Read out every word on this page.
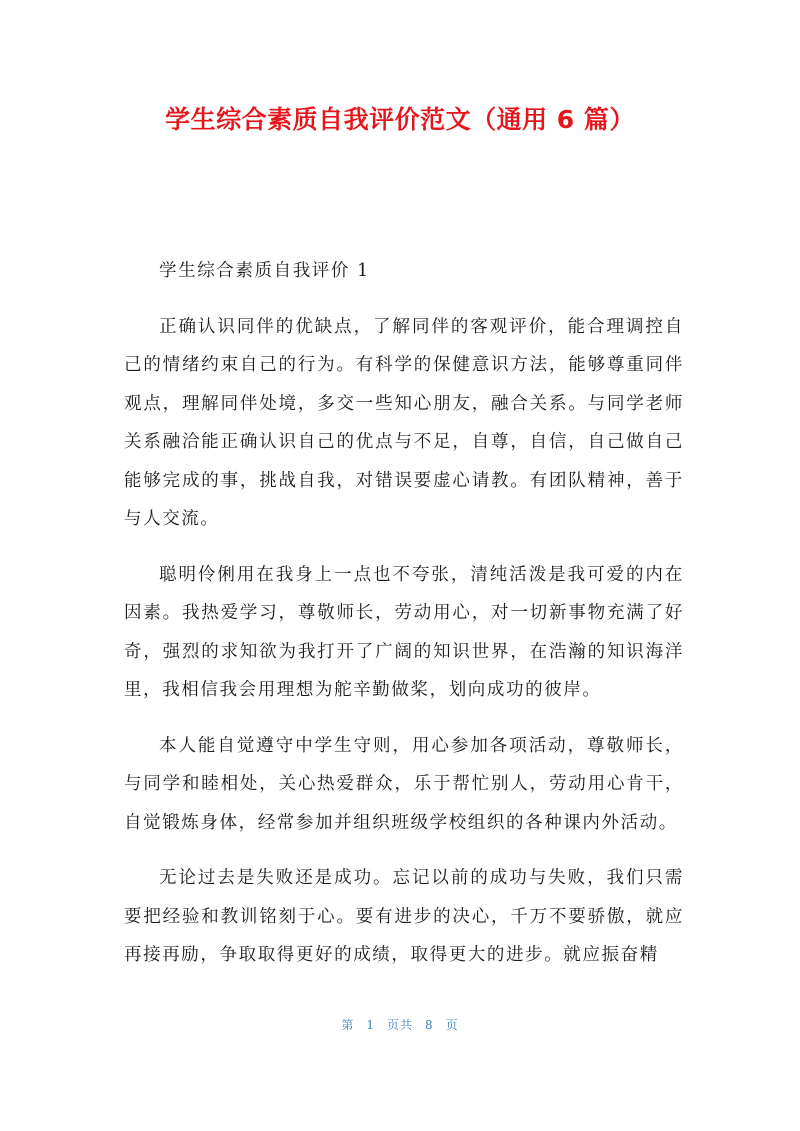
学生综合素质自我评价范文（通用 6 篇）

学生综合素质自我评价 1

正确认识同伴的优缺点，了解同伴的客观评价，能合理调控自己的情绪约束自己的行为。有科学的保健意识方法，能够尊重同伴观点，理解同伴处境，多交一些知心朋友，融合关系。与同学老师关系融洽能正确认识自己的优点与不足，自尊，自信，自己做自己能够完成的事，挑战自我，对错误要虚心请教。有团队精神，善于与人交流。

聪明伶俐用在我身上一点也不夸张，清纯活泼是我可爱的内在因素。我热爱学习，尊敬师长，劳动用心，对一切新事物充满了好奇，强烈的求知欲为我打开了广阔的知识世界，在浩瀚的知识海洋里，我相信我会用理想为舵辛勤做桨，划向成功的彼岸。

本人能自觉遵守中学生守则，用心参加各项活动，尊敬师长，与同学和睦相处，关心热爱群众，乐于帮忙别人，劳动用心肯干，自觉锻炼身体，经常参加并组织班级学校组织的各种课内外活动。

无论过去是失败还是成功。忘记以前的成功与失败，我们只需要把经验和教训铭刻于心。要有进步的决心，千万不要骄傲，就应再接再励，争取取得更好的成绩，取得更大的进步。就应振奋精

第 1 页共 8 页
